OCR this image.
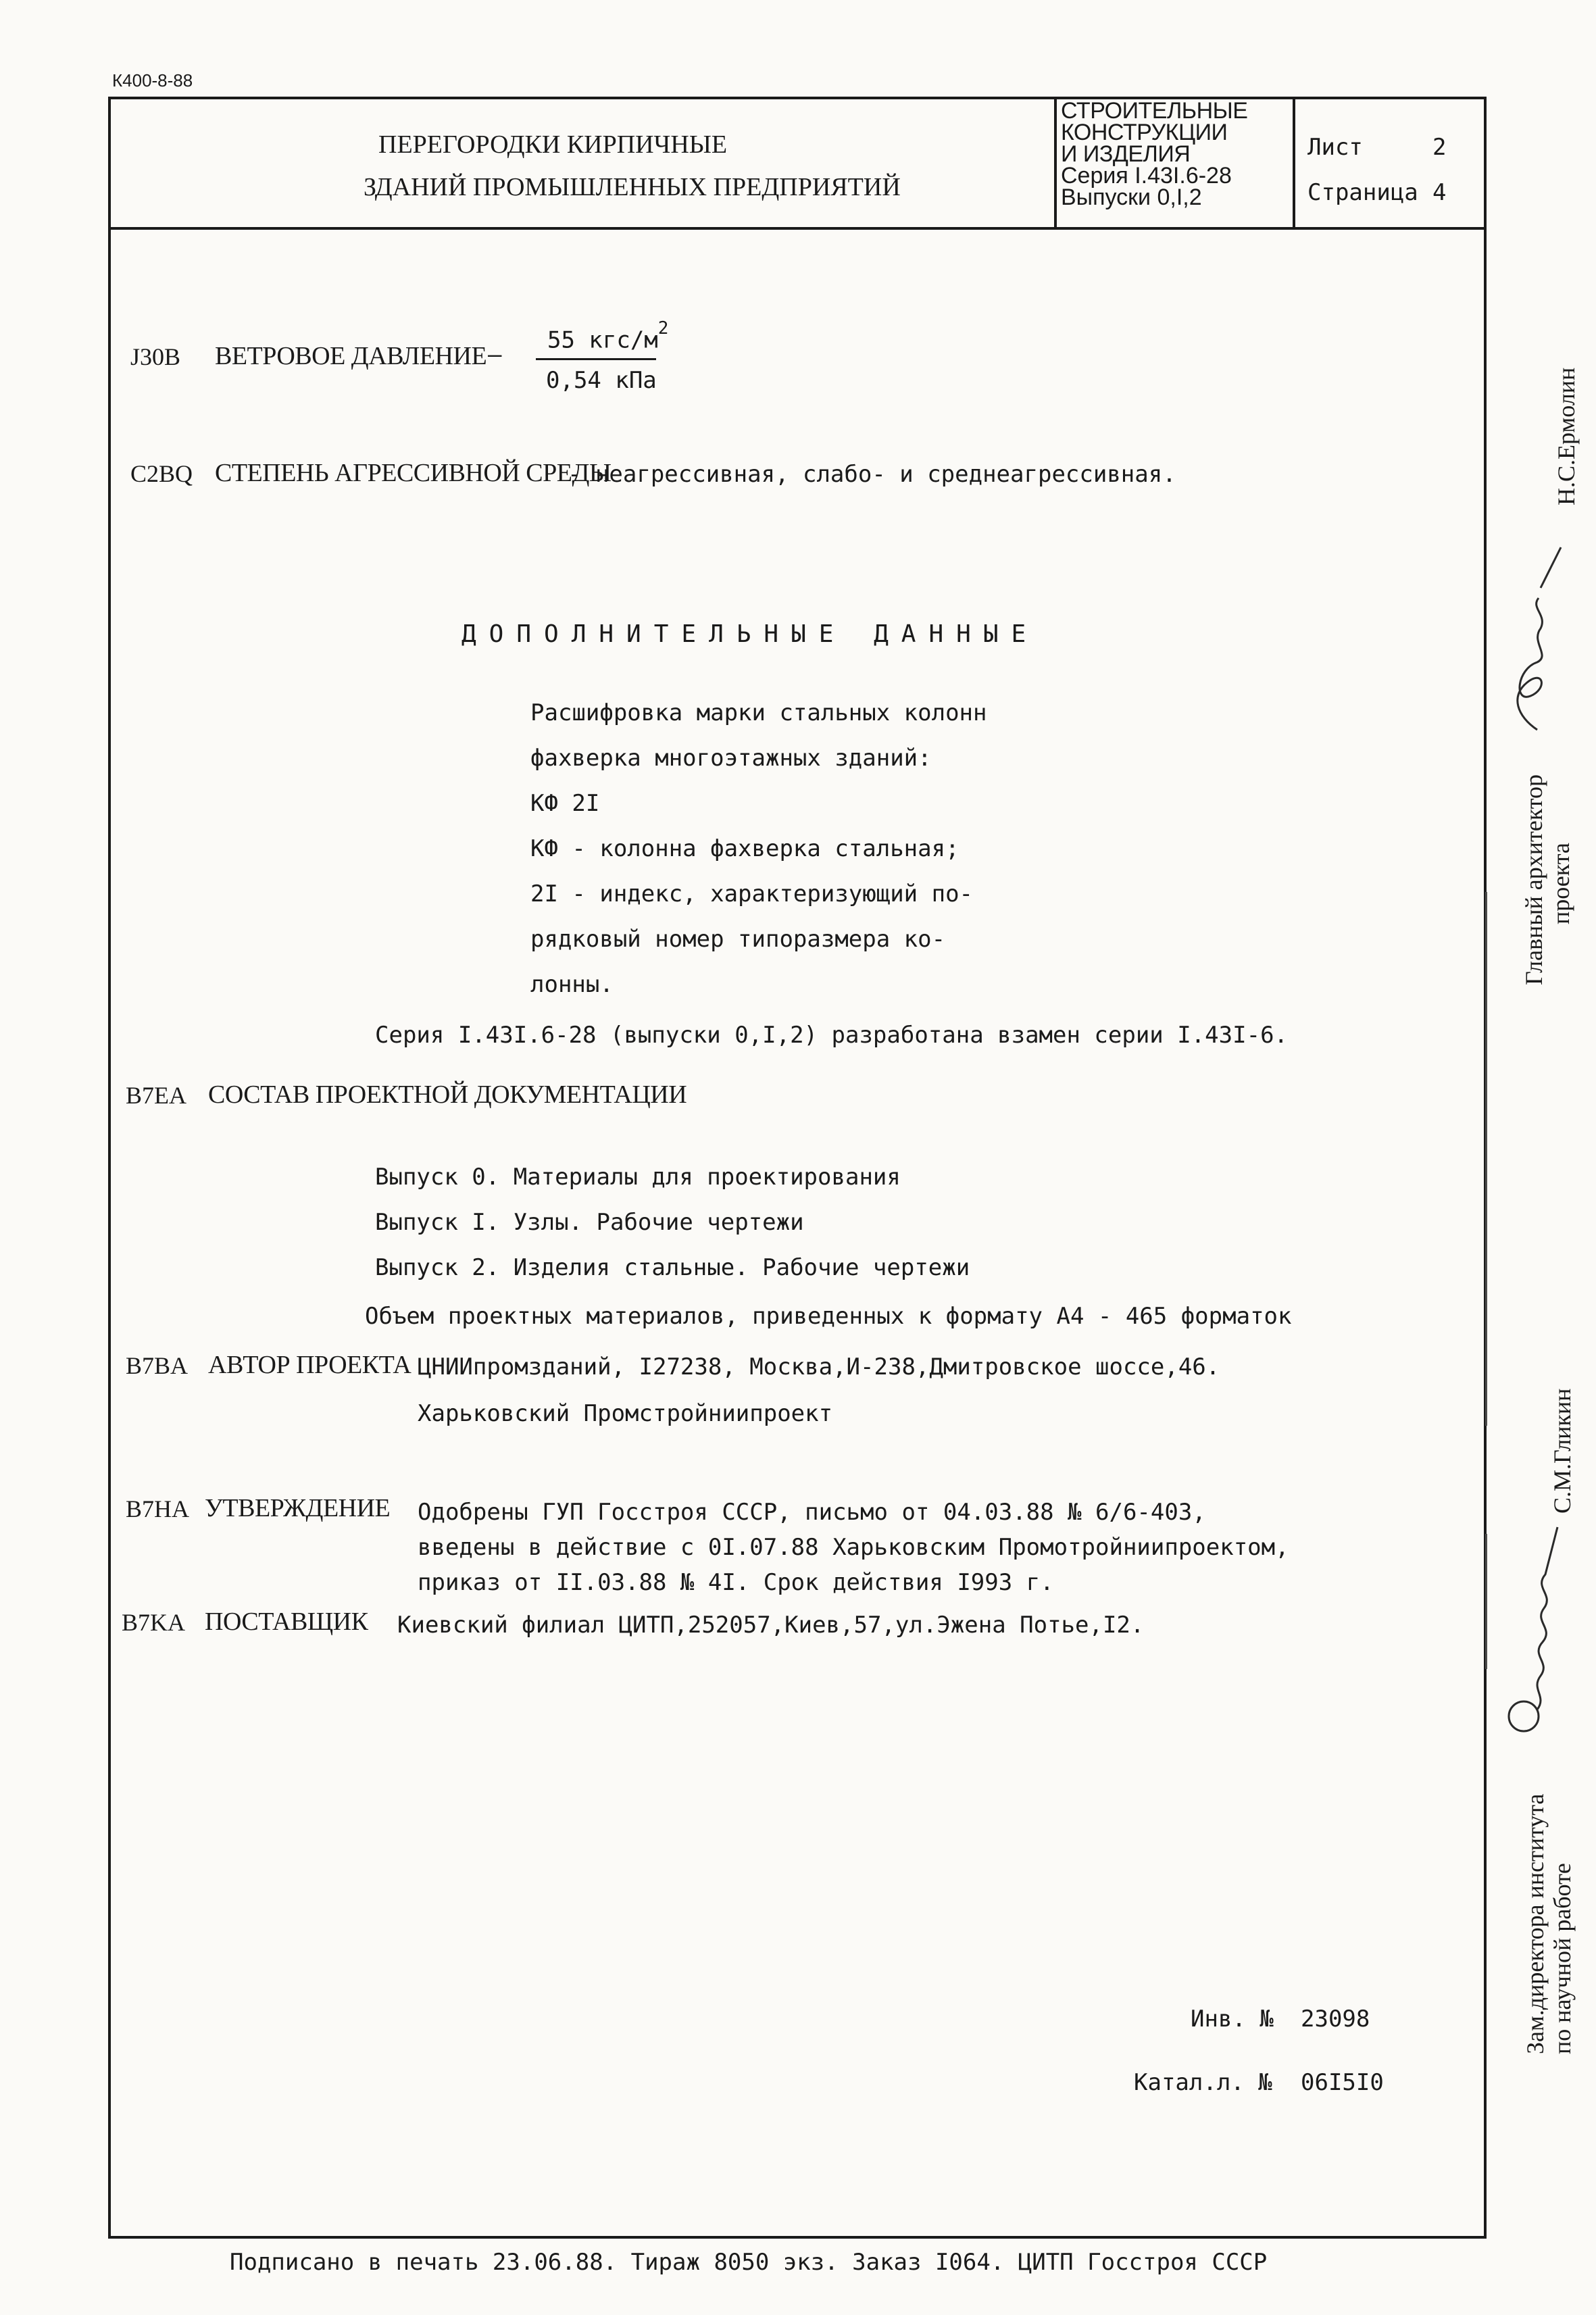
К400-8-88
ПЕРЕГОРОДКИ КИРПИЧНЫЕ
ЗДАНИЙ ПРОМЫШЛЕННЫХ ПРЕДПРИЯТИЙ
СТРОИТЕЛЬНЫЕ
КОНСТРУКЦИИ
И ИЗДЕЛИЯ
Серия I.43I.6-28
Выпуски 0,I,2
Лист	2
Страница 4
J30B ВЕТРОВОЕ ДАВЛЕНИЕ –
55 кгс/$м^2$
0,54 кПа
C2BQ СТЕПЕНЬ АГРЕССИВНОЙ СРЕДЫ
- неагрессивная, слабо- и среднеагрессивная.
ДОПОЛНИТЕЛЬНЫЕ ДАННЫЕ
Расшифровка марки стальных колонн
фахверка многоэтажных зданий:
КФ 2I
КФ - колонна фахверка стальная;
2I - индекс, характеризующий по-
рядковый номер типоразмера ко-
лонны.
Серия I.43I.6-28 (выпуски 0,I,2) разработана взамен серии I.43I-6.
B7EA СОСТАВ ПРОЕКТНОЙ ДОКУМЕНТАЦИИ
Выпуск 0. Материалы для проектирования
Выпуск I. Узлы. Рабочие чертежи
Выпуск 2. Изделия стальные. Рабочие чертежи
Объем проектных материалов, приведенных к формату А4 - 465 форматок
B7BA АВТОР ПРОЕКТА ЦНИИпромзданий, I27238, Москва,И-238,Дмитровское шоссе,46.
Харьковский Промстройниипроект
B7HA УТВЕРЖДЕНИЕ Одобрены ГУП Госстроя СССР, письмо от 04.03.88 № 6/6-403,
введены в действие с 0I.07.88 Харьковским Промотройниипроектом,
приказ от II.03.88 № 4I. Срок действия I993 г.
B7KA ПОСТАВЩИК Киевский филиал ЦИТП,252057,Киев,57,ул.Эжена Потье,I2.
Инв. № 23098
Катал.л. № 06I5I0
Главный архитектор проекта
Н.С.Ермолин
Зам.директора института по научной работе
С.М.Гликин
Подписано в печать 23.06.88. Тираж 8050 экз. Заказ I064. ЦИТП Госстроя СССР
